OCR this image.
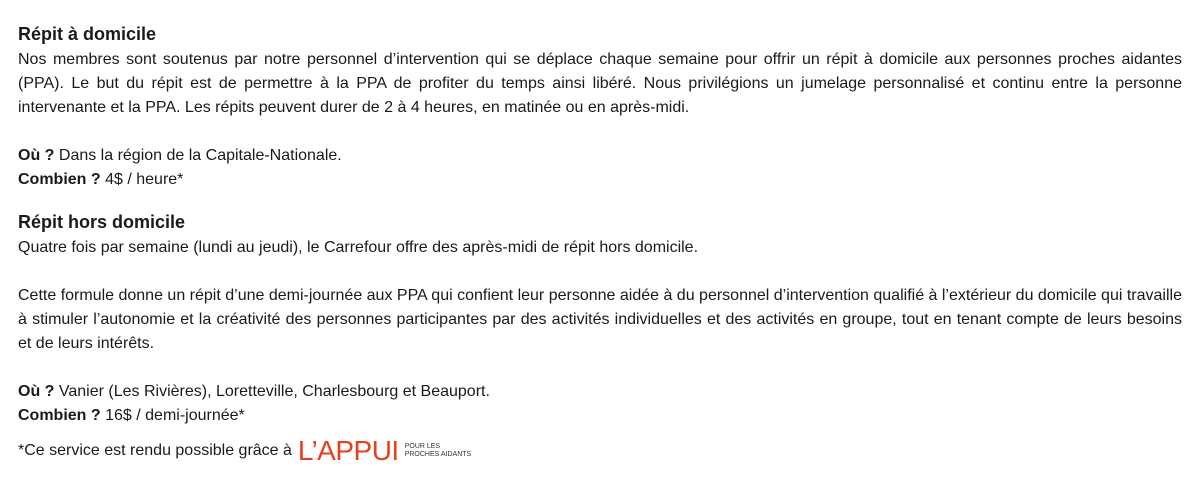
Répit à domicile

Nos membres sont soutenus par notre personnel d’intervention qui se déplace chaque semaine pour offrir un répit à domicile aux personnes proches aidantes (PPA). Le but du répit est de permettre à la PPA de profiter du temps ainsi libéré. Nous privilégions un jumelage personnalisé et continu entre la personne intervenante et la PPA. Les répits peuvent durer de 2 à 4 heures, en matinée ou en après-midi.

Où ? Dans la région de la Capitale-Nationale.

Combien ? 4$ / heure*

Répit hors domicile

Quatre fois par semaine (lundi au jeudi), le Carrefour offre des après-midi de répit hors domicile.

Cette formule donne un répit d’une demi-journée aux PPA qui confient leur personne aidée à du personnel d’intervention qualifié à l’extérieur du domicile qui travaille à stimuler l’autonomie et la créativité des personnes participantes par des activités individuelles et des activités en groupe, tout en tenant compte de leurs besoins et de leurs intérêts.

Où ? Vanier (Les Rivières), Loretteville, Charlesbourg et Beauport.

Combien ? 16$ / demi-journée*

*Ce service est rendu possible grâce à L’APPUI POUR LES
PROCHES AIDANTS
